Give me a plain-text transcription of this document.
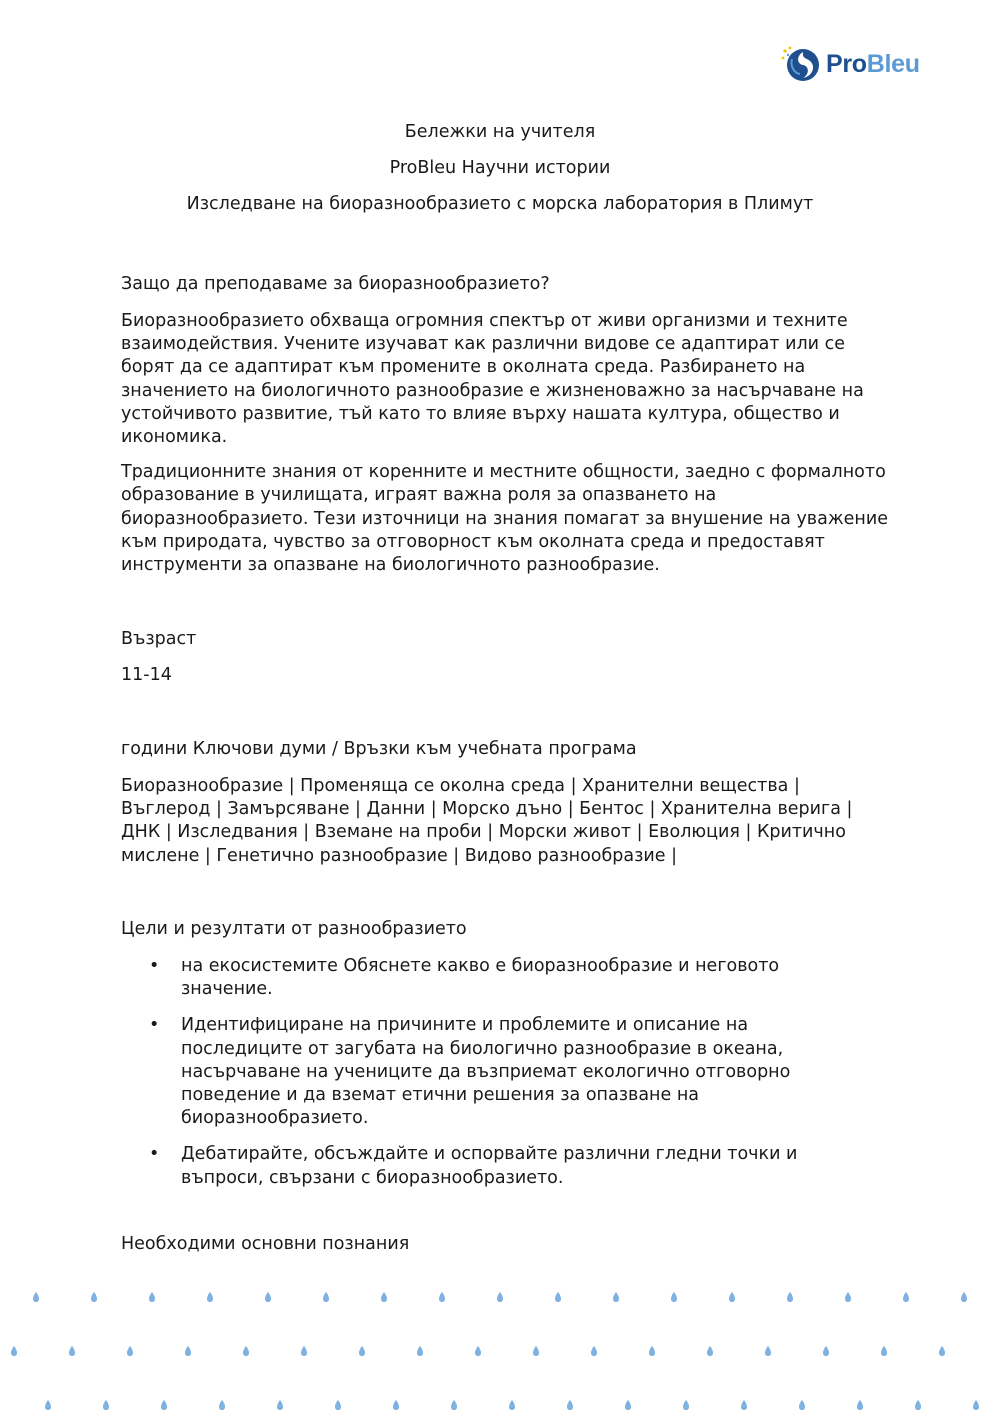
ProBleu
Бележки на учителя
ProBleu Научни истории
Изследване на биоразнообразието с морска лаборатория в Плимут
Защо да преподаваме за биоразнообразието?

Биоразнообразието обхваща огромния спектър от живи организми и техните взаимодействия. Учените изучават как различни видове се адаптират или се борят да се адаптират към промените в околната среда. Разбирането на значението на биологичното разнообразие е жизненоважно за насърчаване на устойчивото развитие, тъй като то влияе върху нашата култура, общество и икономика.

Традиционните знания от коренните и местните общности, заедно с формалното образование в училищата, играят важна роля за опазването на биоразнообразието. Тези източници на знания помагат за внушение на уважение към природата, чувство за отговорност към околната среда и предоставят инструменти за опазване на биологичното разнообразие.

Възраст
11-14
години Ключови думи / Връзки към учебната програма
Биоразнообразие | Променяща се околна среда | Хранителни вещества | Въглерод | Замърсяване | Данни | Морско дъно | Бентос | Хранителна верига | ДНК | Изследвания | Вземане на проби | Морски живот | Еволюция | Критично мислене | Генетично разнообразие | Видово разнообразие |
Цели и резултати от разнообразието
• на екосистемите Обяснете какво е биоразнообразие и неговото значение.
• Идентифициране на причините и проблемите и описание на последиците от загубата на биологично разнообразие в океана, насърчаване на учениците да възприемат екологично отговорно поведение и да вземат етични решения за опазване на биоразнообразието.
• Дебатирайте, обсъждайте и оспорвайте различни гледни точки и въпроси, свързани с биоразнообразието.
Необходими основни познания
